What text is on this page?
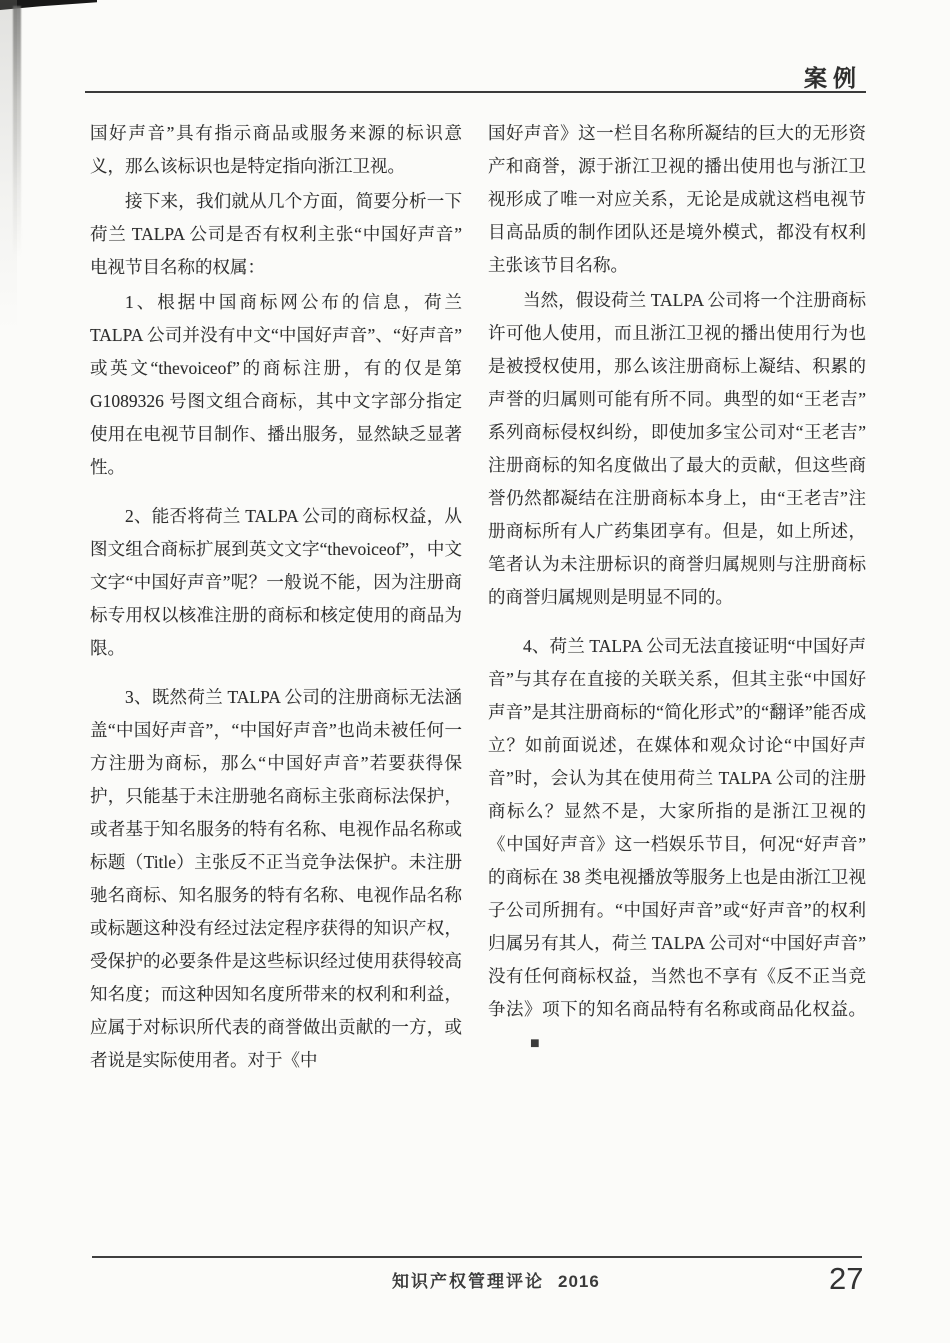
案例

国好声音”具有指示商品或服务来源的标识意义，那么该标识也是特定指向浙江卫视。

接下来，我们就从几个方面，简要分析一下荷兰 TALPA 公司是否有权利主张“中国好声音”电视节目名称的权属：

1、根据中国商标网公布的信息，荷兰 TALPA 公司并没有中文“中国好声音”、“好声音”或英文“thevoiceof”的商标注册，有的仅是第 G1089326 号图文组合商标，其中文字部分指定使用在电视节目制作、播出服务，显然缺乏显著性。

2、能否将荷兰 TALPA 公司的商标权益，从图文组合商标扩展到英文文字“thevoiceof”，中文文字“中国好声音”呢？一般说不能，因为注册商标专用权以核准注册的商标和核定使用的商品为限。

3、既然荷兰 TALPA 公司的注册商标无法涵盖“中国好声音”，“中国好声音”也尚未被任何一方注册为商标，那么“中国好声音”若要获得保护，只能基于未注册驰名商标主张商标法保护，或者基于知名服务的特有名称、电视作品名称或标题（Title）主张反不正当竞争法保护。未注册驰名商标、知名服务的特有名称、电视作品名称或标题这种没有经过法定程序获得的知识产权，受保护的必要条件是这些标识经过使用获得较高知名度；而这种因知名度所带来的权利和利益，应属于对标识所代表的商誉做出贡献的一方，或者说是实际使用者。对于《中

国好声音》这一栏目名称所凝结的巨大的无形资产和商誉，源于浙江卫视的播出使用也与浙江卫视形成了唯一对应关系，无论是成就这档电视节目高品质的制作团队还是境外模式，都没有权利主张该节目名称。

当然，假设荷兰 TALPA 公司将一个注册商标许可他人使用，而且浙江卫视的播出使用行为也是被授权使用，那么该注册商标上凝结、积累的声誉的归属则可能有所不同。典型的如“王老吉”系列商标侵权纠纷，即使加多宝公司对“王老吉”注册商标的知名度做出了最大的贡献，但这些商誉仍然都凝结在注册商标本身上，由“王老吉”注册商标所有人广药集团享有。但是，如上所述，笔者认为未注册标识的商誉归属规则与注册商标的商誉归属规则是明显不同的。

4、荷兰 TALPA 公司无法直接证明“中国好声音”与其存在直接的关联关系，但其主张“中国好声音”是其注册商标的“简化形式”的“翻译”能否成立？如前面说述，在媒体和观众讨论“中国好声音”时，会认为其在使用荷兰 TALPA 公司的注册商标么？显然不是，大家所指的是浙江卫视的《中国好声音》这一档娱乐节目，何况“好声音”的商标在 38 类电视播放等服务上也是由浙江卫视子公司所拥有。“中国好声音”或“好声音”的权利归属另有其人，荷兰 TALPA 公司对“中国好声音”没有任何商标权益，当然也不享有《反不正当竞争法》项下的知名商品特有名称或商品化权益。■

知识产权管理评论 2016	27
